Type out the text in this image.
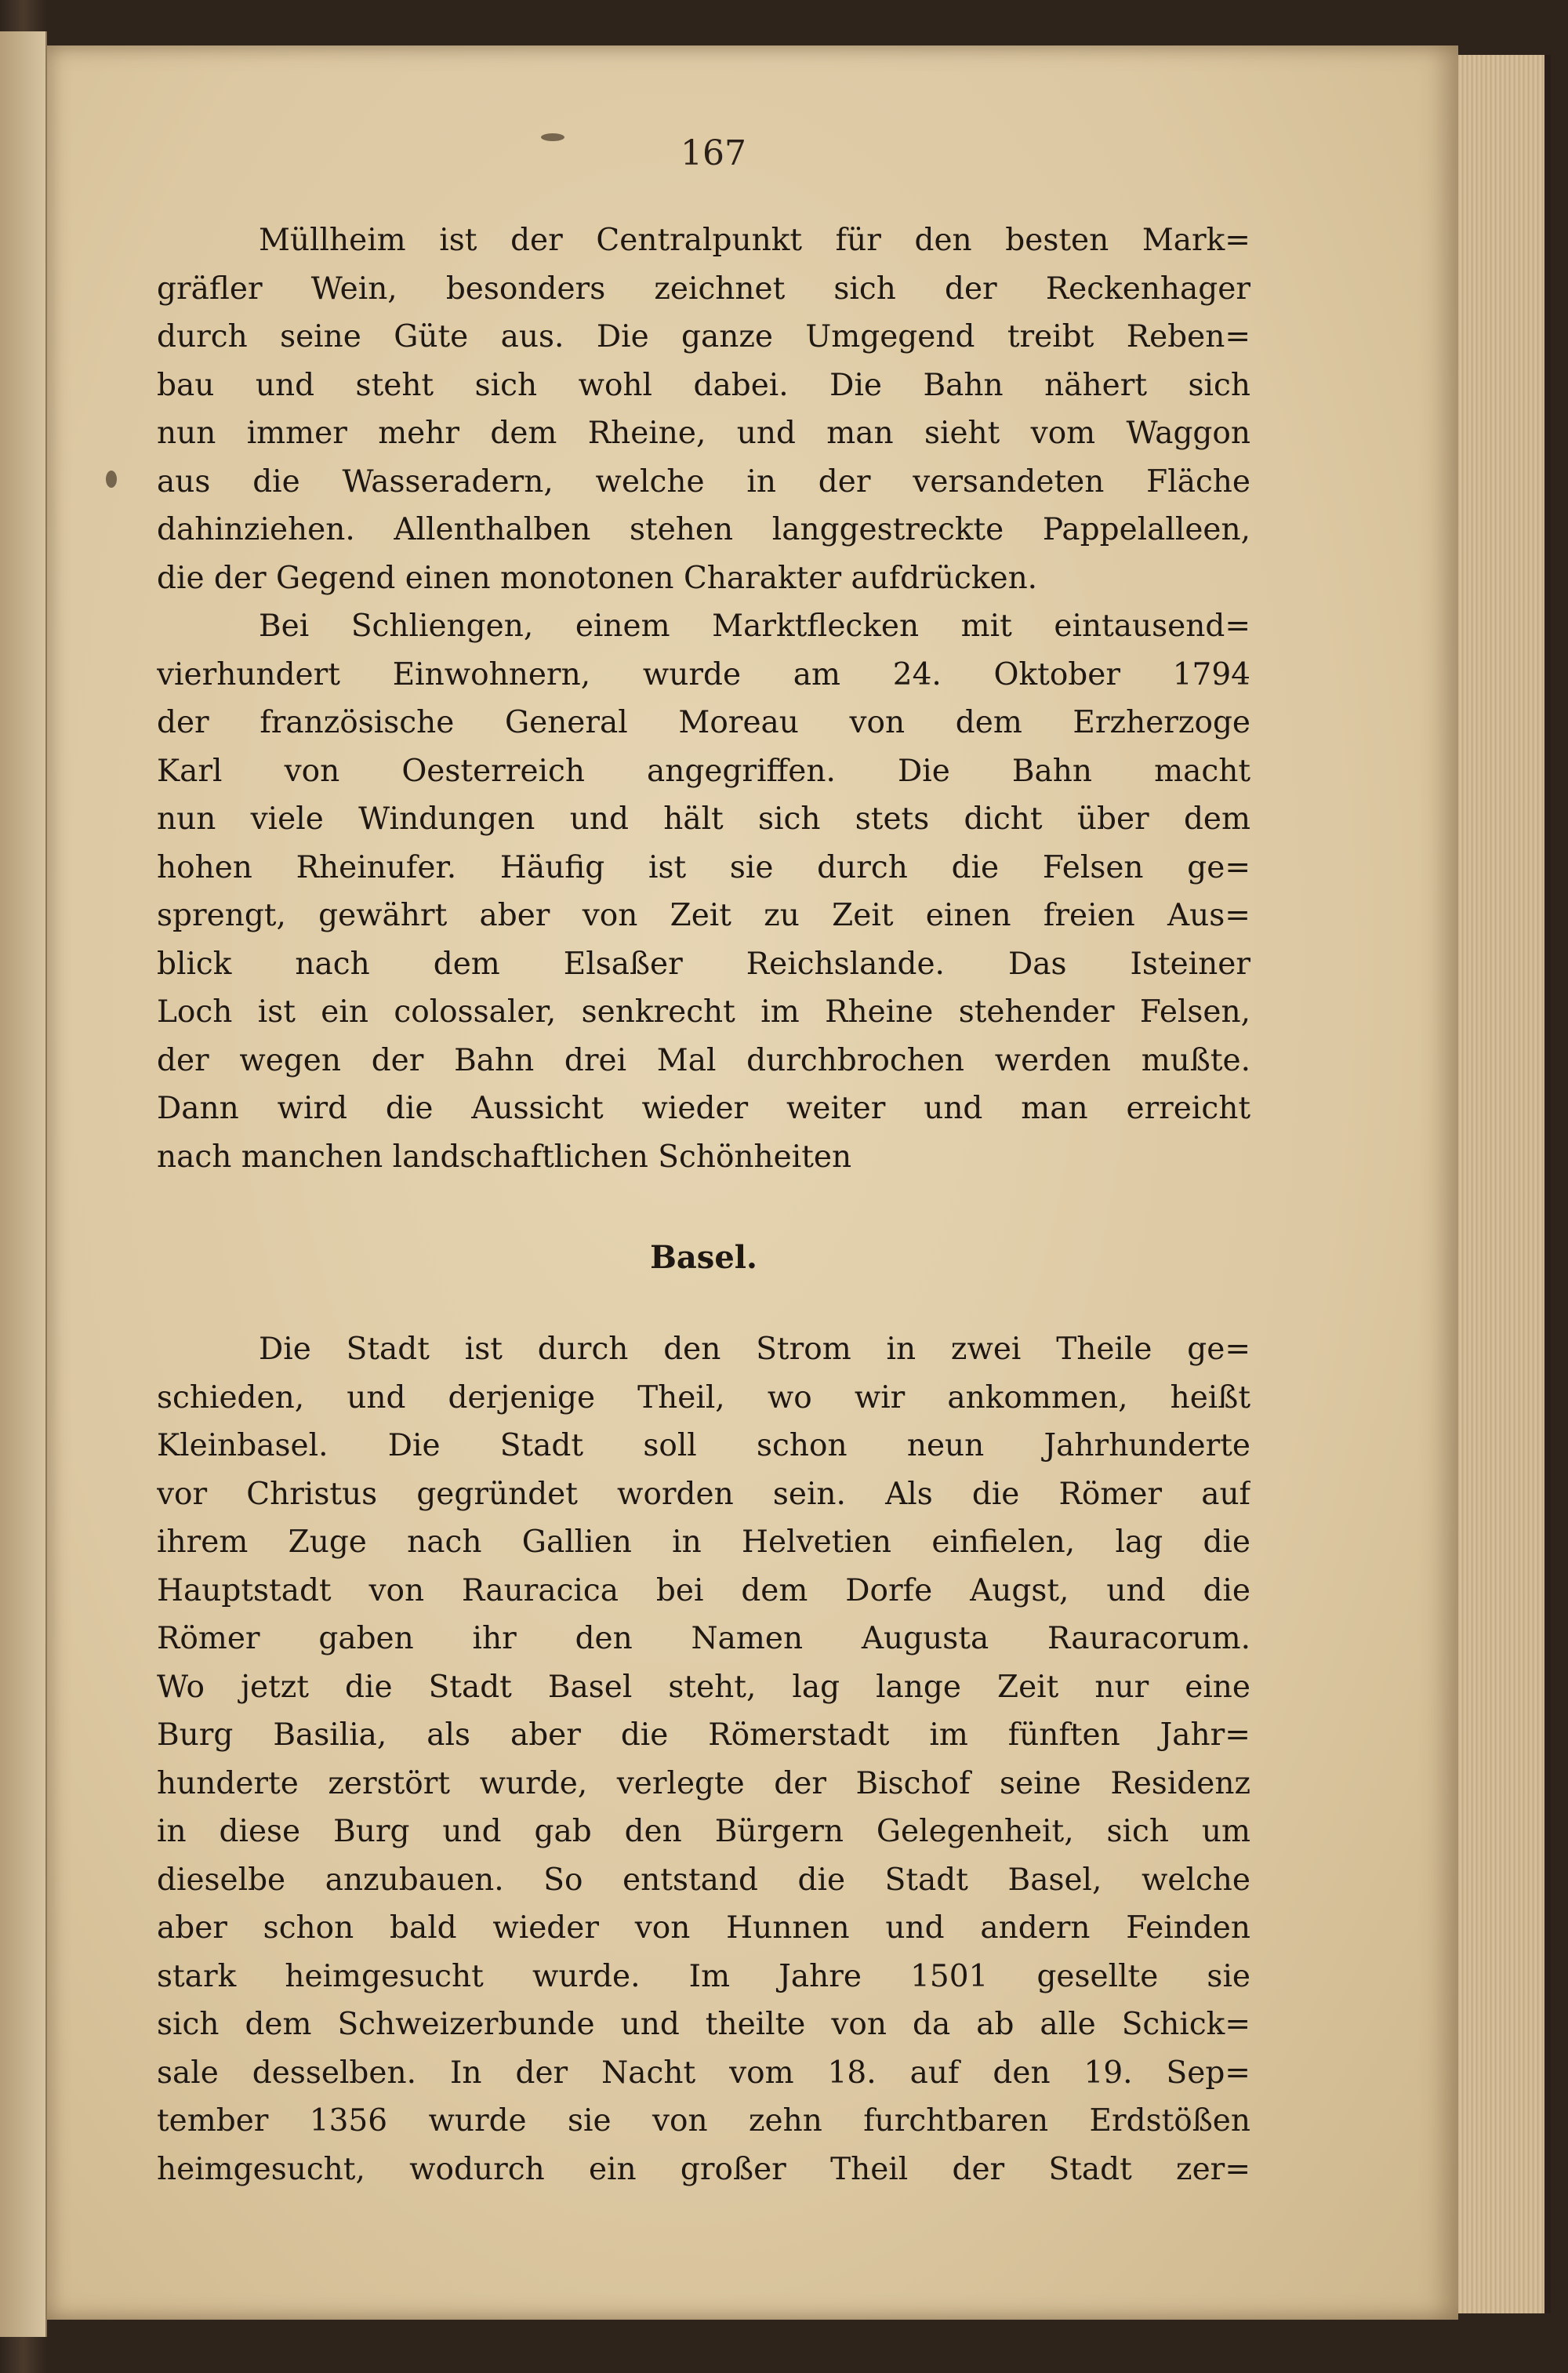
167
Müllheim ist der Centralpunkt für den besten Mark=
gräfler Wein, besonders zeichnet sich der Reckenhager
durch seine Güte aus. Die ganze Umgegend treibt Reben=
bau und steht sich wohl dabei. Die Bahn nähert sich
nun immer mehr dem Rheine, und man sieht vom Waggon
aus die Wasseradern, welche in der versandeten Fläche
dahinziehen. Allenthalben stehen langgestreckte Pappelalleen,
die der Gegend einen monotonen Charakter aufdrücken.
Bei Schliengen, einem Marktflecken mit eintausend=
vierhundert Einwohnern, wurde am 24. Oktober 1794
der französische General Moreau von dem Erzherzoge
Karl von Oesterreich angegriffen. Die Bahn macht
nun viele Windungen und hält sich stets dicht über dem
hohen Rheinufer. Häufig ist sie durch die Felsen ge=
sprengt, gewährt aber von Zeit zu Zeit einen freien Aus=
blick nach dem Elsaßer Reichslande. Das Isteiner
Loch ist ein colossaler, senkrecht im Rheine stehender Felsen,
der wegen der Bahn drei Mal durchbrochen werden mußte.
Dann wird die Aussicht wieder weiter und man erreicht
nach manchen landschaftlichen Schönheiten
Basel.
Die Stadt ist durch den Strom in zwei Theile ge=
schieden, und derjenige Theil, wo wir ankommen, heißt
Kleinbasel. Die Stadt soll schon neun Jahrhunderte
vor Christus gegründet worden sein. Als die Römer auf
ihrem Zuge nach Gallien in Helvetien einfielen, lag die
Hauptstadt von Rauracica bei dem Dorfe Augst, und die
Römer gaben ihr den Namen Augusta Rauracorum.
Wo jetzt die Stadt Basel steht, lag lange Zeit nur eine
Burg Basilia, als aber die Römerstadt im fünften Jahr=
hunderte zerstört wurde, verlegte der Bischof seine Residenz
in diese Burg und gab den Bürgern Gelegenheit, sich um
dieselbe anzubauen. So entstand die Stadt Basel, welche
aber schon bald wieder von Hunnen und andern Feinden
stark heimgesucht wurde. Im Jahre 1501 gesellte sie
sich dem Schweizerbunde und theilte von da ab alle Schick=
sale desselben. In der Nacht vom 18. auf den 19. Sep=
tember 1356 wurde sie von zehn furchtbaren Erdstößen
heimgesucht, wodurch ein großer Theil der Stadt zer=
